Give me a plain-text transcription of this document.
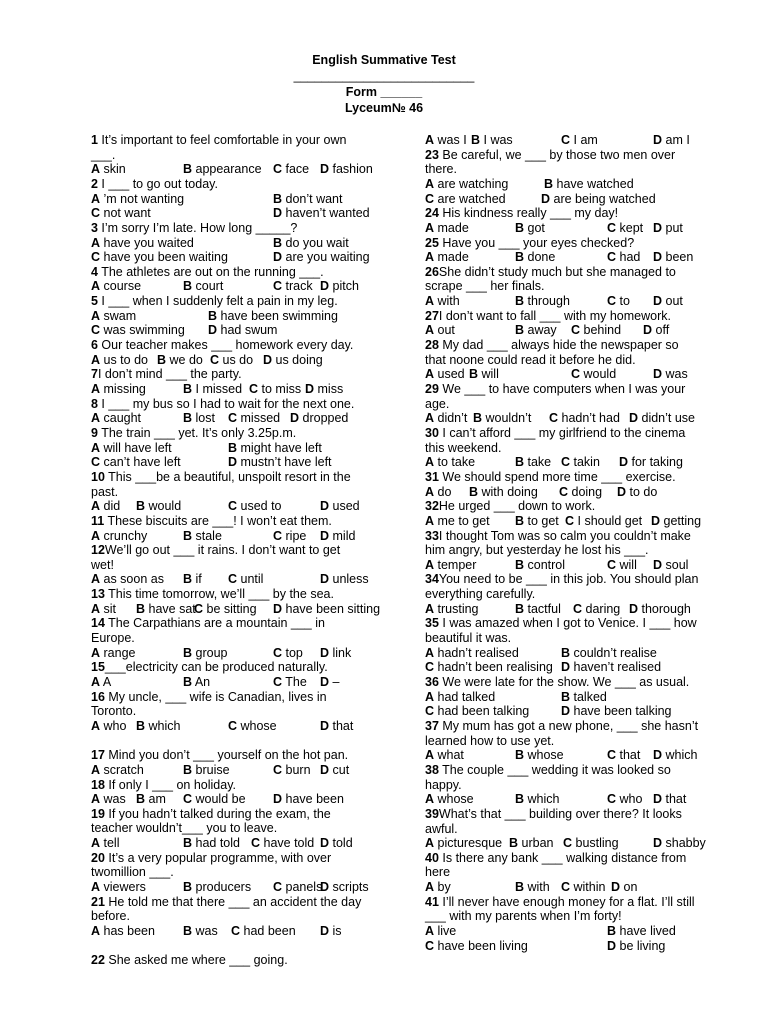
English Summative Test
__________________________
Form ______
Lyceum№ 46
1 It’s important to feel comfortable in your own
___.
A skin	B appearance C face D fashion
2 I ___ to go out today.
A ’m not wanting	B don’t want
C not want	D haven’t wanted
3 I’m sorry I’m late. How long _____?
A have you waited	B do you wait
C have you been waiting	D are you waiting
4 The athletes are out on the running ___.
A course	B court	C track D pitch
5 I ___ when I suddenly felt a pain in my leg.
A swam	B have been swimming
C was swimming D had swum
6 Our teacher makes ___ homework every day.
A us to do B we do C us do D us doing
7I don’t mind ___ the party.
A missing	B I missed C to miss D miss
8 I ___ my bus so I had to wait for the next one.
A caught	B lost C missed D dropped
9 The train ___ yet. It’s only 3.25p.m.
A will have left	B might have left
C can’t have left	D mustn’t have left
10 This ___be a beautiful, unspoilt resort in the
past.
A did B would	C used to	D used
11 These biscuits are ___! I won’t eat them.
A crunchy	B stale	C ripe D mild
12We’ll go out ___ it rains. I don’t want to get
wet!
A as soon as B if C until	D unless
13 This time tomorrow, we’ll ___ by the sea.
A sit B have sat
C be sitting D have been sitting
14 The Carpathians are a mountain ___ in
Europe.
A range	B group	C top D link
15___electricity can be produced naturally.
A A	B An	C The D –
16 My uncle, ___ wife is Canadian, lives in
Toronto.
A who B which	C whose	D that
17 Mind you don’t ___ yourself on the hot pan.
A scratch	B bruise	C burn D cut
18 If only I ___ on holiday.
A was B am C would be D have been
19 If you hadn’t talked during the exam, the
teacher wouldn’t___ you to leave.
A tell	B had told C have told D told
20 It’s a very popular programme, with over
twomillion ___.
A viewers	B producers C panels
D scripts
21 He told me that there ___ an accident the day
before.
A has been B was C had been D is
22 She asked me where ___ going.
A was I B I was	C I am	D am I
23 Be careful, we ___ by those two men over
there.
A are watching	B have watched
C are watched	D are being watched
24 His kindness really ___ my day!
A made	B got	C kept D put
25 Have you ___ your eyes checked?
A made	B done	C had D been
26She didn’t study much but she managed to
scrape ___ her finals.
A with	B through	C to D out
27I don’t want to fall ___ with my homework.
A out	B away C behind D off
28 My dad ___ always hide the newspaper so
that noone could read it before he did.
A used B will	C would	D was
29 We ___ to have computers when I was your
age.
A didn’t B wouldn’t C hadn’t had D didn’t use
30 I can’t afford ___ my girlfriend to the cinema
this weekend.
A to take	B take C takin D for taking
31 We should spend more time ___ exercise.
A do B with doing C doing D to do
32He urged ___ down to work.
A me to get B to get C I should get D getting
33I thought Tom was so calm you couldn’t make
him angry, but yesterday he lost his ___.
A temper	B control	C will D soul
34You need to be ___ in this job. You should plan
everything carefully.
A trusting	B tactful C daring D thorough
35 I was amazed when I got to Venice. I ___ how
beautiful it was.
A hadn’t realised	B couldn’t realise
C hadn’t been realising D haven’t realised
36 We were late for the show. We ___ as usual.
A had talked	B talked
C had been talking	D have been talking
37 My mum has got a new phone, ___ she hasn’t
learned how to use yet.
A what	B whose	C that D which
38 The couple ___ wedding it was looked so
happy.
A whose	B which	C who D that
39What’s that ___ building over there? It looks
awful.
A picturesque B urban C bustling	D shabby
40 Is there any bank ___ walking distance from
here
A by	B with C within D on
41 I’ll never have enough money for a flat. I’ll still
___ with my parents when I’m forty!
A live	B have lived
C have been living	D be living
